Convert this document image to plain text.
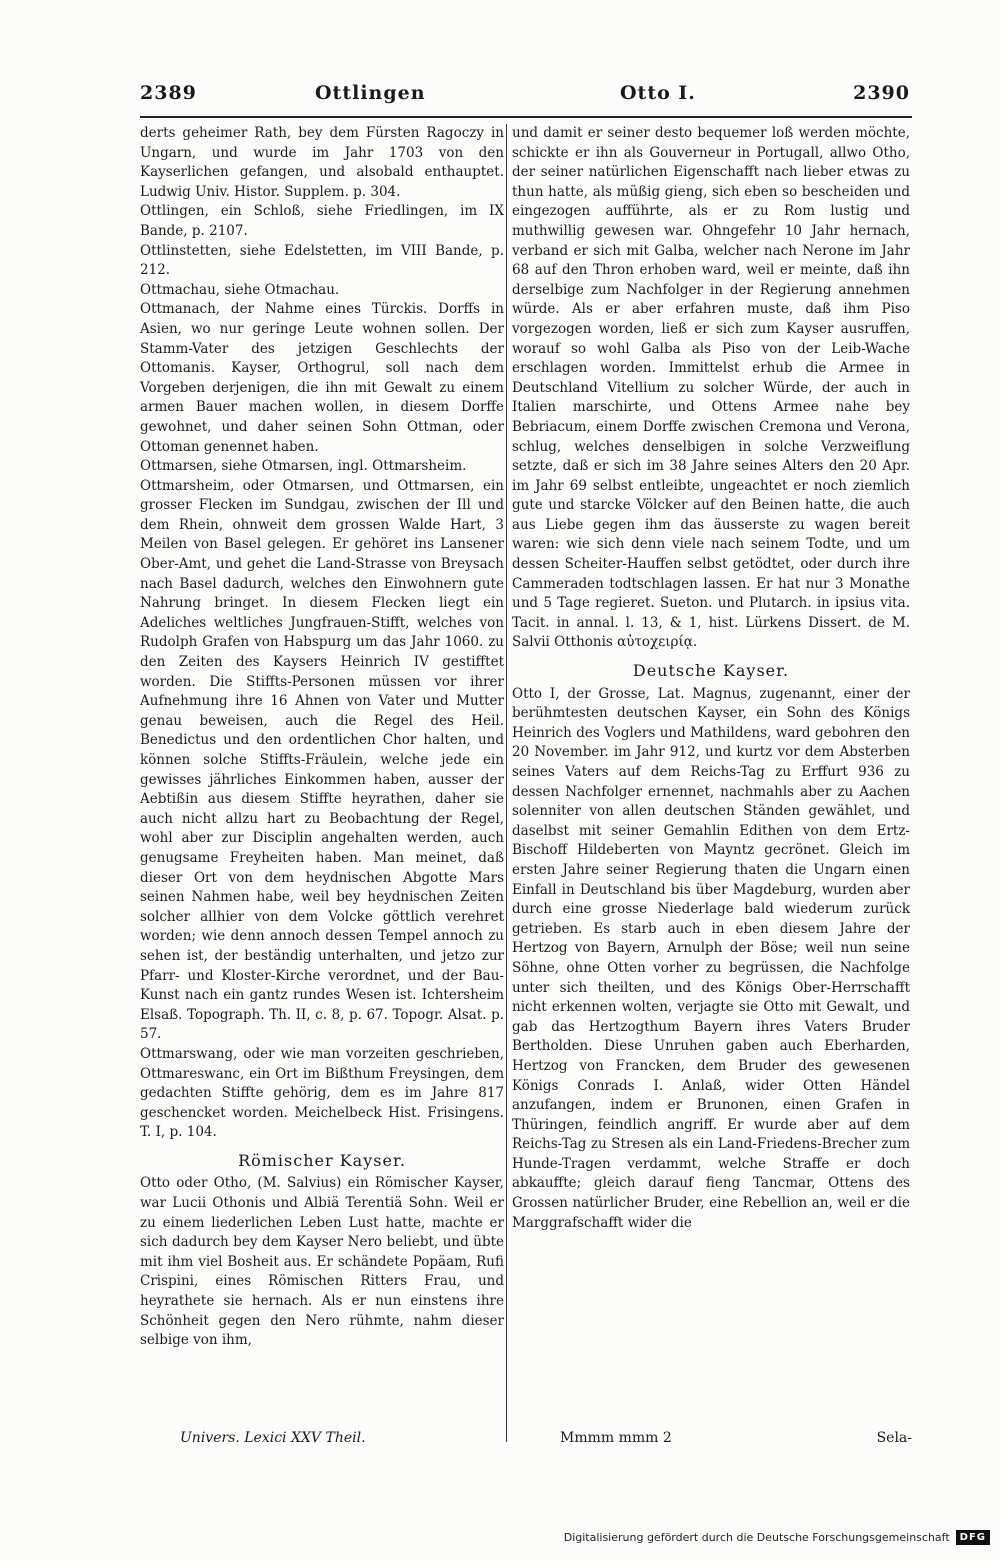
2389	Ottlingen	Otto I.	2390

derts geheimer Rath, bey dem Fürsten Ragoczy in Ungarn, und wurde im Jahr 1703 von den Kayserlichen gefangen, und alsobald enthauptet. Ludwig Univ. Histor. Supplem. p. 304.

Ottlingen, ein Schloß, siehe Friedlingen, im IX Bande, p. 2107.

Ottlinstetten, siehe Edelstetten, im VIII Bande, p. 212.

Ottmachau, siehe Otmachau.

Ottmanach, der Nahme eines Türckis. Dorffs in Asien, wo nur geringe Leute wohnen sollen. Der Stamm-Vater des jetzigen Geschlechts der Ottomanis. Kayser, Orthogrul, soll nach dem Vorgeben derjenigen, die ihn mit Gewalt zu einem armen Bauer machen wollen, in diesem Dorffe gewohnet, und daher seinen Sohn Ottman, oder Ottoman genennet haben.

Ottmarsen, siehe Otmarsen, ingl. Ottmarsheim.

Ottmarsheim, oder Otmarsen, und Ottmarsen, ein grosser Flecken im Sundgau, zwischen der Ill und dem Rhein, ohnweit dem grossen Walde Hart, 3 Meilen von Basel gelegen. Er gehöret ins Lansener Ober-Amt, und gehet die Land-Strasse von Breysach nach Basel dadurch, welches den Einwohnern gute Nahrung bringet. In diesem Flecken liegt ein Adeliches weltliches Jungfrauen-Stifft, welches von Rudolph Grafen von Habspurg um das Jahr 1060. zu den Zeiten des Kaysers Heinrich IV gestifftet worden. Die Stiffts-Personen müssen vor ihrer Aufnehmung ihre 16 Ahnen von Vater und Mutter genau beweisen, auch die Regel des Heil. Benedictus und den ordentlichen Chor halten, und können solche Stiffts-Fräulein, welche jede ein gewisses jährliches Einkommen haben, ausser der Aebtißin aus diesem Stiffte heyrathen, daher sie auch nicht allzu hart zu Beobachtung der Regel, wohl aber zur Disciplin angehalten werden, auch genugsame Freyheiten haben. Man meinet, daß dieser Ort von dem heydnischen Abgotte Mars seinen Nahmen habe, weil bey heydnischen Zeiten solcher allhier von dem Volcke göttlich verehret worden; wie denn annoch dessen Tempel annoch zu sehen ist, der beständig unterhalten, und jetzo zur Pfarr- und Kloster-Kirche verordnet, und der Bau-Kunst nach ein gantz rundes Wesen ist. Ichtersheim Elsaß. Topograph. Th. II, c. 8, p. 67. Topogr. Alsat. p. 57.

Ottmarswang, oder wie man vorzeiten geschrieben, Ottmareswanc, ein Ort im Bißthum Freysingen, dem gedachten Stiffte gehörig, dem es im Jahre 817 geschencket worden. Meichelbeck Hist. Frisingens. T. I, p. 104.

Römischer Kayser.

Otto oder Otho, (M. Salvius) ein Römischer Kayser, war Lucii Othonis und Albiä Terentiä Sohn. Weil er zu einem liederlichen Leben Lust hatte, machte er sich dadurch bey dem Kayser Nero beliebt, und übte mit ihm viel Bosheit aus. Er schändete Popäam, Rufi Crispini, eines Römischen Ritters Frau, und heyrathete sie hernach. Als er nun einstens ihre Schönheit gegen den Nero rühmte, nahm dieser selbige von ihm,

und damit er seiner desto bequemer loß werden möchte, schickte er ihn als Gouverneur in Portugall, allwo Otho, der seiner natürlichen Eigenschafft nach lieber etwas zu thun hatte, als müßig gieng, sich eben so bescheiden und eingezogen aufführte, als er zu Rom lustig und muthwillig gewesen war. Ohngefehr 10 Jahr hernach, verband er sich mit Galba, welcher nach Nerone im Jahr 68 auf den Thron erhoben ward, weil er meinte, daß ihn derselbige zum Nachfolger in der Regierung annehmen würde. Als er aber erfahren muste, daß ihm Piso vorgezogen worden, ließ er sich zum Kayser ausruffen, worauf so wohl Galba als Piso von der Leib-Wache erschlagen worden. Immittelst erhub die Armee in Deutschland Vitellium zu solcher Würde, der auch in Italien marschirte, und Ottens Armee nahe bey Bebriacum, einem Dorffe zwischen Cremona und Verona, schlug, welches denselbigen in solche Verzweiflung setzte, daß er sich im 38 Jahre seines Alters den 20 Apr. im Jahr 69 selbst entleibte, ungeachtet er noch ziemlich gute und starcke Völcker auf den Beinen hatte, die auch aus Liebe gegen ihm das äusserste zu wagen bereit waren: wie sich denn viele nach seinem Todte, und um dessen Scheiter-Hauffen selbst getödtet, oder durch ihre Cammeraden todtschlagen lassen. Er hat nur 3 Monathe und 5 Tage regieret. Sueton. und Plutarch. in ipsius vita. Tacit. in annal. l. 13, & 1, hist. Lürkens Dissert. de M. Salvii Otthonis αὐτοχειρίᾳ.

Deutsche Kayser.

Otto I, der Grosse, Lat. Magnus, zugenannt, einer der berühmtesten deutschen Kayser, ein Sohn des Königs Heinrich des Voglers und Mathildens, ward gebohren den 20 November. im Jahr 912, und kurtz vor dem Absterben seines Vaters auf dem Reichs-Tag zu Erffurt 936 zu dessen Nachfolger ernennet, nachmahls aber zu Aachen solenniter von allen deutschen Ständen gewählet, und daselbst mit seiner Gemahlin Edithen von dem Ertz-Bischoff Hildeberten von Mayntz gecrönet. Gleich im ersten Jahre seiner Regierung thaten die Ungarn einen Einfall in Deutschland bis über Magdeburg, wurden aber durch eine grosse Niederlage bald wiederum zurück getrieben. Es starb auch in eben diesem Jahre der Hertzog von Bayern, Arnulph der Böse; weil nun seine Söhne, ohne Otten vorher zu begrüssen, die Nachfolge unter sich theilten, und des Königs Ober-Herrschafft nicht erkennen wolten, verjagte sie Otto mit Gewalt, und gab das Hertzogthum Bayern ihres Vaters Bruder Bertholden. Diese Unruhen gaben auch Eberharden, Hertzog von Francken, dem Bruder des gewesenen Königs Conrads I. Anlaß, wider Otten Händel anzufangen, indem er Brunonen, einen Grafen in Thüringen, feindlich angriff. Er wurde aber auf dem Reichs-Tag zu Stresen als ein Land-Friedens-Brecher zum Hunde-Tragen verdammt, welche Straffe er doch abkauffte; gleich darauf fieng Tancmar, Ottens des Grossen natürlicher Bruder, eine Rebellion an, weil er die Marggrafschafft wider die

Univers. Lexici XXV Theil.	Mmmm mmm 2	Sela-
Digitalisierung gefördert durch die Deutsche Forschungsgemeinschaft	DFG
